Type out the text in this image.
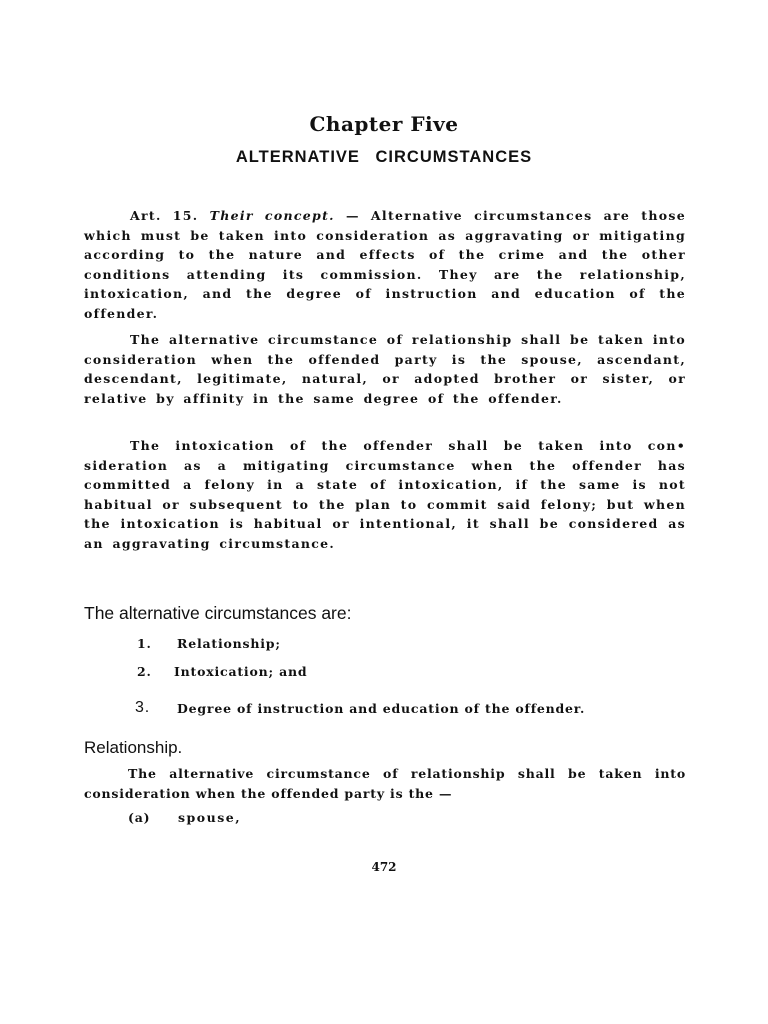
Chapter Five
ALTERNATIVE CIRCUMSTANCES

Art. 15. Their concept. — Alternative circumstances are those which must be taken into consideration as aggravating or mitigating according to the nature and effects of the crime and the other conditions attending its commission. They are the relationship, intoxication, and the degree of instruction and education of the offender.

The alternative circumstance of relationship shall be taken into consideration when the offended party is the spouse, ascendant, descendant, legitimate, natural, or adopted brother or sister, or relative by affinity in the same degree of the offender.

The intoxication of the offender shall be taken into con• sideration as a mitigating circumstance when the offender has committed a felony in a state of intoxication, if the same is not habitual or subsequent to the plan to commit said felony; but when the intoxication is habitual or intentional, it shall be considered as an aggravating circumstance.

The alternative circumstances are:
1. Relationship;
2. Intoxication; and
3. Degree of instruction and education of the offender.
Relationship.

The alternative circumstance of relationship shall be taken into consideration when the offended party is the —

(a) spouse,
472
